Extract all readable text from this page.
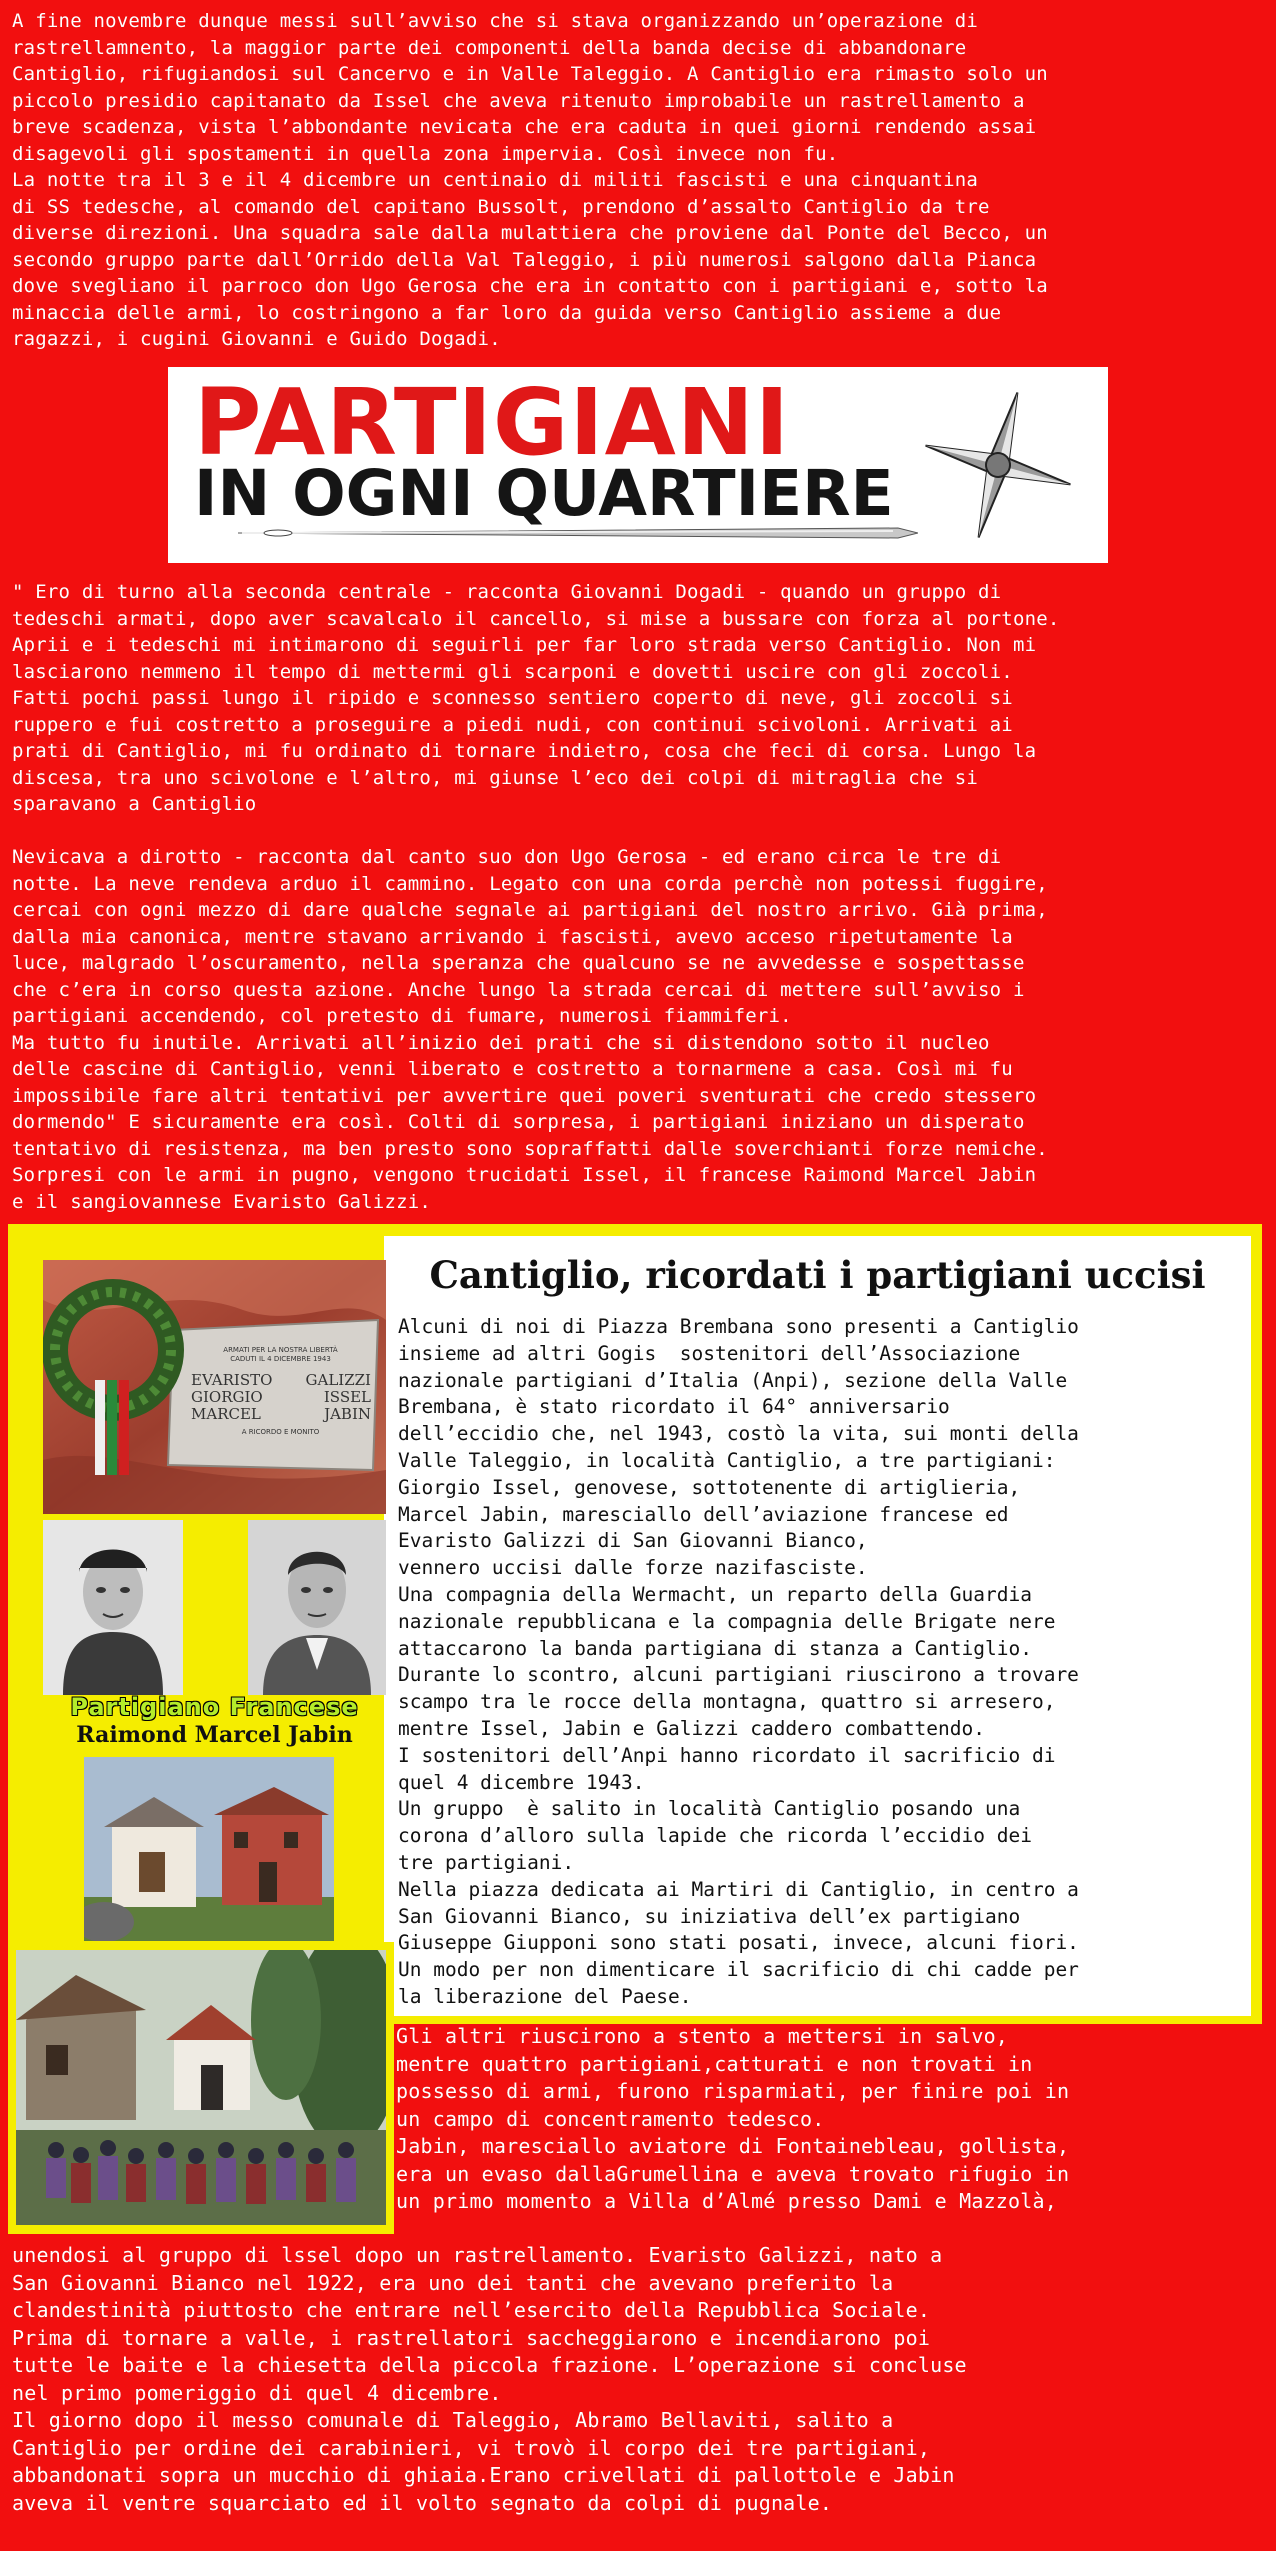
A fine novembre dunque messi sull’avviso che si stava organizzando un’operazione di
rastrellamnento, la maggior parte dei componenti della banda decise di abbandonare
Cantiglio, rifugiandosi sul Cancervo e in Valle Taleggio. A Cantiglio era rimasto solo un
piccolo presidio capitanato da Issel che aveva ritenuto improbabile un rastrellamento a
breve scadenza, vista l’abbondante nevicata che era caduta in quei giorni rendendo assai
disagevoli gli spostamenti in quella zona impervia. Così invece non fu.
La notte tra il 3 e il 4 dicembre un centinaio di militi fascisti e una cinquantina
di SS tedesche, al comando del capitano Bussolt, prendono d’assalto Cantiglio da tre
diverse direzioni. Una squadra sale dalla mulattiera che proviene dal Ponte del Becco, un
secondo gruppo parte dall’Orrido della Val Taleggio, i più numerosi salgono dalla Pianca
dove svegliano il parroco don Ugo Gerosa che era in contatto con i partigiani e, sotto la
minaccia delle armi, lo costringono a far loro da guida verso Cantiglio assieme a due
ragazzi, i cugini Giovanni e Guido Dogadi.
PARTIGIANI
IN OGNI QUARTIERE
" Ero di turno alla seconda centrale - racconta Giovanni Dogadi - quando un gruppo di
tedeschi armati, dopo aver scavalcalo il cancello, si mise a bussare con forza al portone.
Aprii e i tedeschi mi intimarono di seguirli per far loro strada verso Cantiglio. Non mi
lasciarono nemmeno il tempo di mettermi gli scarponi e dovetti uscire con gli zoccoli.
Fatti pochi passi lungo il ripido e sconnesso sentiero coperto di neve, gli zoccoli si
ruppero e fui costretto a proseguire a piedi nudi, con continui scivoloni. Arrivati ai
prati di Cantiglio, mi fu ordinato di tornare indietro, cosa che feci di corsa. Lungo la
discesa, tra uno scivolone e l’altro, mi giunse l’eco dei colpi di mitraglia che si
sparavano a Cantiglio

Nevicava a dirotto - racconta dal canto suo don Ugo Gerosa - ed erano circa le tre di
notte. La neve rendeva arduo il cammino. Legato con una corda perchè non potessi fuggire,
cercai con ogni mezzo di dare qualche segnale ai partigiani del nostro arrivo. Già prima,
dalla mia canonica, mentre stavano arrivando i fascisti, avevo acceso ripetutamente la
luce, malgrado l’oscuramento, nella speranza che qualcuno se ne avvedesse e sospettasse
che c’era in corso questa azione. Anche lungo la strada cercai di mettere sull’avviso i
partigiani accendendo, col pretesto di fumare, numerosi fiammiferi.
Ma tutto fu inutile. Arrivati all’inizio dei prati che si distendono sotto il nucleo
delle cascine di Cantiglio, venni liberato e costretto a tornarmene a casa. Così mi fu
impossibile fare altri tentativi per avvertire quei poveri sventurati che credo stessero
dormendo" E sicuramente era così. Colti di sorpresa, i partigiani iniziano un disperato
tentativo di resistenza, ma ben presto sono sopraffatti dalle soverchianti forze nemiche.
Sorpresi con le armi in pugno, vengono trucidati Issel, il francese Raimond Marcel Jabin
e il sangiovannese Evaristo Galizzi.
Cantiglio, ricordati i partigiani uccisi
Alcuni di noi di Piazza Brembana sono presenti a Cantiglio
insieme ad altri Gogis  sostenitori dell’Associazione
nazionale partigiani d’Italia (Anpi), sezione della Valle
Brembana, è stato ricordato il 64° anniversario
dell’eccidio che, nel 1943, costò la vita, sui monti della
Valle Taleggio, in località Cantiglio, a tre partigiani:
Giorgio Issel, genovese, sottotenente di artiglieria,
Marcel Jabin, maresciallo dell’aviazione francese ed
Evaristo Galizzi di San Giovanni Bianco,
vennero uccisi dalle forze nazifasciste.
Una compagnia della Wermacht, un reparto della Guardia
nazionale repubblicana e la compagnia delle Brigate nere
attaccarono la banda partigiana di stanza a Cantiglio.
Durante lo scontro, alcuni partigiani riuscirono a trovare
scampo tra le rocce della montagna, quattro si arresero,
mentre Issel, Jabin e Galizzi caddero combattendo.
I sostenitori dell’Anpi hanno ricordato il sacrificio di
quel 4 dicembre 1943.
Un gruppo  è salito in località Cantiglio posando una
corona d’alloro sulla lapide che ricorda l’eccidio dei
tre partigiani.
Nella piazza dedicata ai Martiri di Cantiglio, in centro a
San Giovanni Bianco, su iniziativa dell’ex partigiano
Giuseppe Giupponi sono stati posati, invece, alcuni fiori.
Un modo per non dimenticare il sacrificio di chi cadde per
la liberazione del Paese.
ARMATI PER LA NOSTRA LIBERTÀ
CADUTI IL 4 DICEMBRE 1943
EVARISTO GALIZZI
GIORGIO	ISSEL
MARCEL	JABIN
A RICORDO E MONITO
Partigiano Francese
Raimond Marcel Jabin
Gli altri riuscirono a stento a mettersi in salvo,
mentre quattro partigiani,catturati e non trovati in
possesso di armi, furono risparmiati, per finire poi in
un campo di concentramento tedesco.
Jabin, maresciallo aviatore di Fontainebleau, gollista,
era un evaso dallaGrumellina e aveva trovato rifugio in
un primo momento a Villa d’Almé presso Dami e Mazzolà,
unendosi al gruppo di lssel dopo un rastrellamento. Evaristo Galizzi, nato a
San Giovanni Bianco nel 1922, era uno dei tanti che avevano preferito la
clandestinità piuttosto che entrare nell’esercito della Repubblica Sociale.
Prima di tornare a valle, i rastrellatori saccheggiarono e incendiarono poi
tutte le baite e la chiesetta della piccola frazione. L’operazione si concluse
nel primo pomeriggio di quel 4 dicembre.
Il giorno dopo il messo comunale di Taleggio, Abramo Bellaviti, salito a
Cantiglio per ordine dei carabinieri, vi trovò il corpo dei tre partigiani,
abbandonati sopra un mucchio di ghiaia.Erano crivellati di pallottole e Jabin
aveva il ventre squarciato ed il volto segnato da colpi di pugnale.
